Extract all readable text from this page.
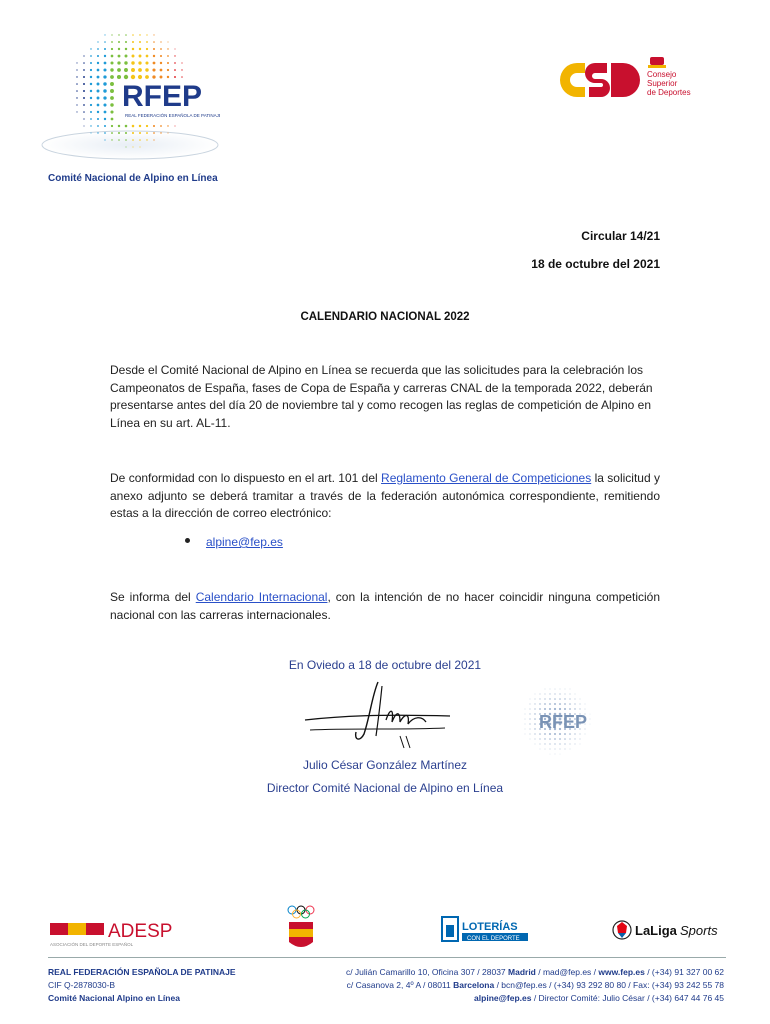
RFEP
REAL FEDERACIÓN ESPAÑOLA DE PATINAJE
Consejo
Superior
de Deportes
Comité Nacional de Alpino en Línea
Circular 14/21
18 de octubre del 2021
CALENDARIO NACIONAL 2022

Desde el Comité Nacional de Alpino en Línea se recuerda que las solicitudes para la celebración los Campeonatos de España, fases de Copa de España y carreras CNAL de la temporada 2022, deberán presentarse antes del día 20 de noviembre tal y como recogen las reglas de competición de Alpino en Línea en su art. AL-11.

De conformidad con lo dispuesto en el art. 101 del Reglamento General de Competiciones la solicitud y anexo adjunto se deberá tramitar a través de la federación autonómica correspondiente, remitiendo estas a la dirección de correo electrónico:

alpine@fep.es

Se informa del Calendario Internacional, con la intención de no hacer coincidir ninguna competición nacional con las carreras internacionales.

En Oviedo a 18 de octubre del 2021
RFEP
Julio César González Martínez
Director Comité Nacional de Alpino en Línea
ADESP
ASOCIACIÓN DEL DEPORTE ESPAÑOL
LOTERÍAS
CON EL DEPORTE
LaLiga Sports
REAL FEDERACIÓN ESPAÑOLA DE PATINAJE
CIF Q-2878030-B
Comité Nacional Alpino en Línea
c/ Julián Camarillo 10, Oficina 307 / 28037 Madrid / mad@fep.es / www.fep.es / (+34) 91 327 00 62
c/ Casanova 2, 4º A / 08011 Barcelona / bcn@fep.es / (+34) 93 292 80 80 / Fax: (+34) 93 242 55 78
alpine@fep.es / Director Comité: Julio César / (+34) 647 44 76 45
